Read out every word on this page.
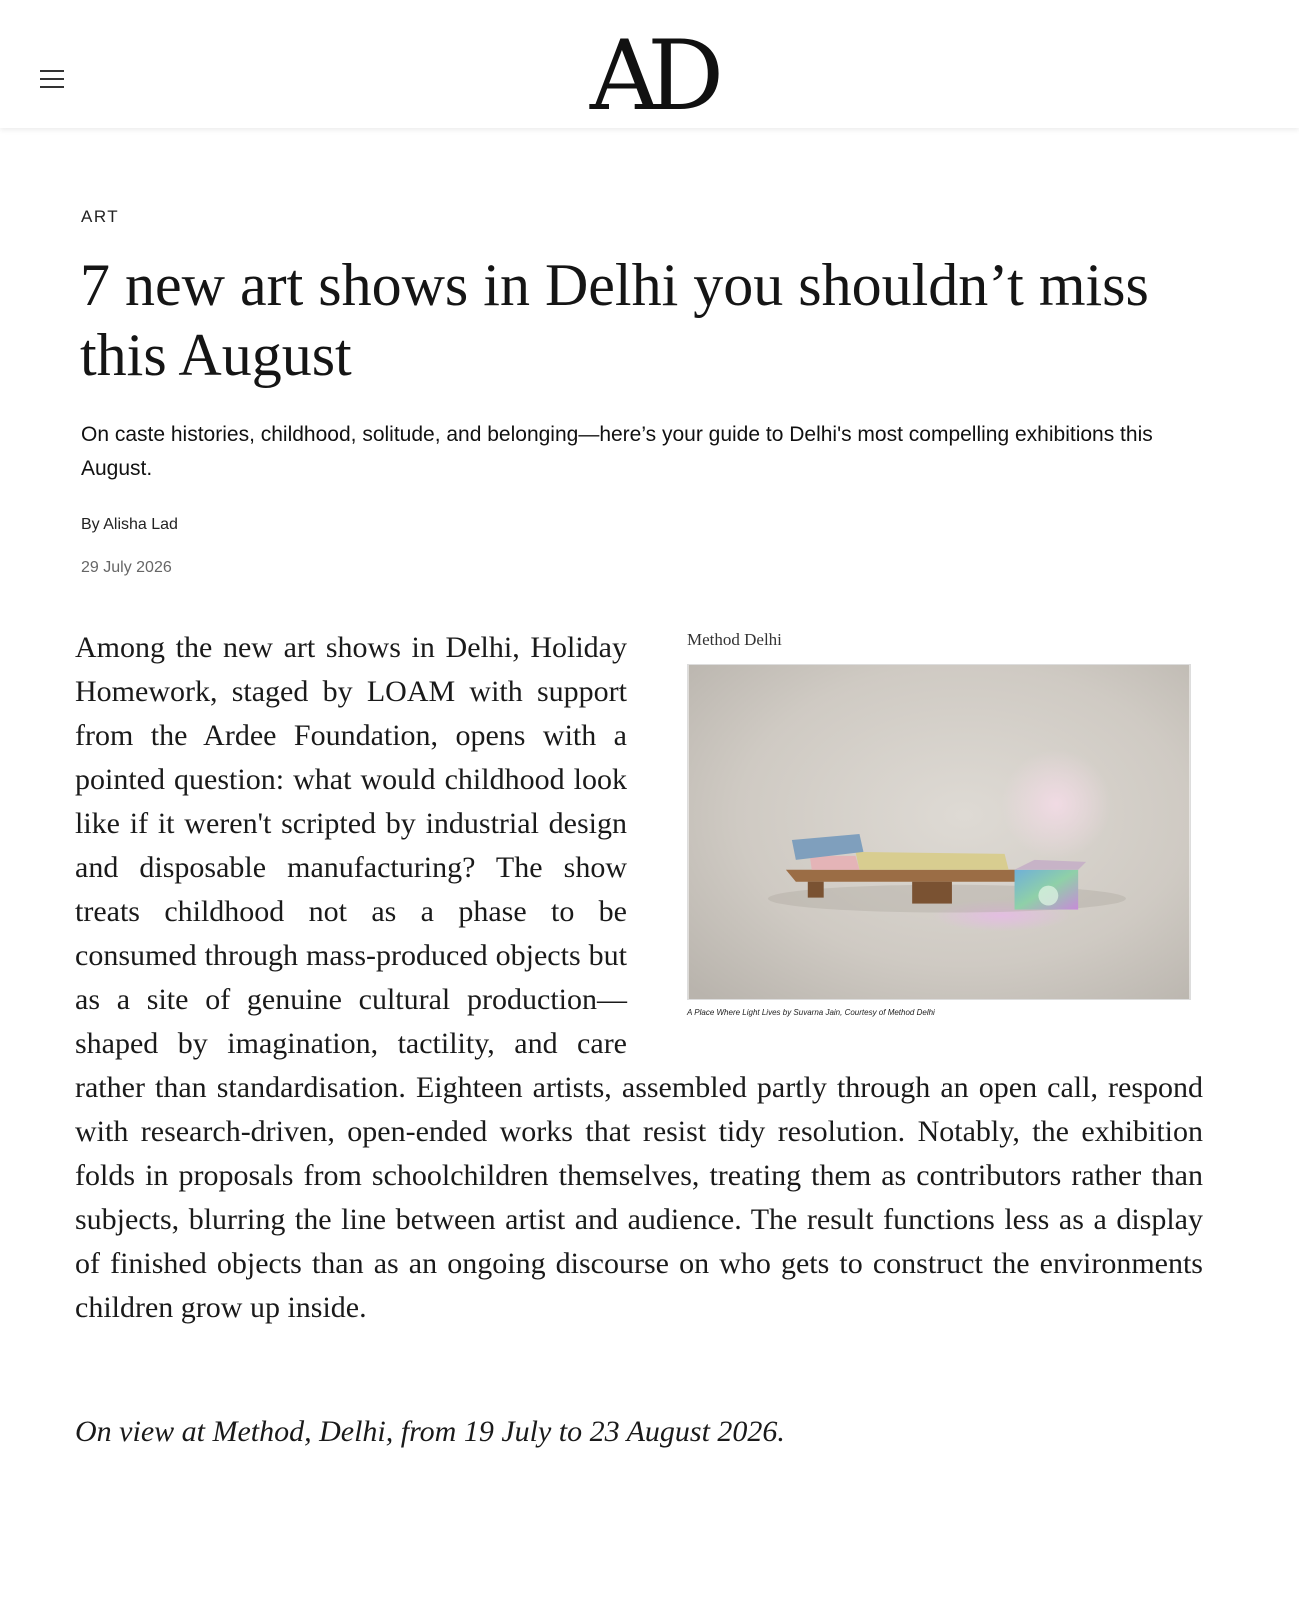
AD
ART
7 new art shows in Delhi you shouldn’t miss this August

On caste histories, childhood, solitude, and belonging—here’s your guide to Delhi's most compelling exhibitions this August.

By Alisha Lad
29 July 2026
Method Delhi
A Place Where Light Lives by Suvarna Jain, Courtesy of Method Delhi
Among the new art shows in Delhi, Holiday Homework, staged by LOAM with support from the Ardee Foundation, opens with a pointed question: what would childhood look like if it weren't scripted by industrial design and disposable manufacturing? The show treats childhood not as a phase to be consumed through mass-produced objects but as a site of genuine cultural production—shaped by imagination, tactility, and care rather than standardisation. Eighteen artists, assembled partly through an open call, respond with research-driven, open-ended works that resist tidy resolution. Notably, the exhibition folds in proposals from schoolchildren themselves, treating them as contributors rather than subjects, blurring the line between artist and audience. The result functions less as a display of finished objects than as an ongoing discourse on who gets to construct the environments children grow up inside.

On view at Method, Delhi, from 19 July to 23 August 2026.
